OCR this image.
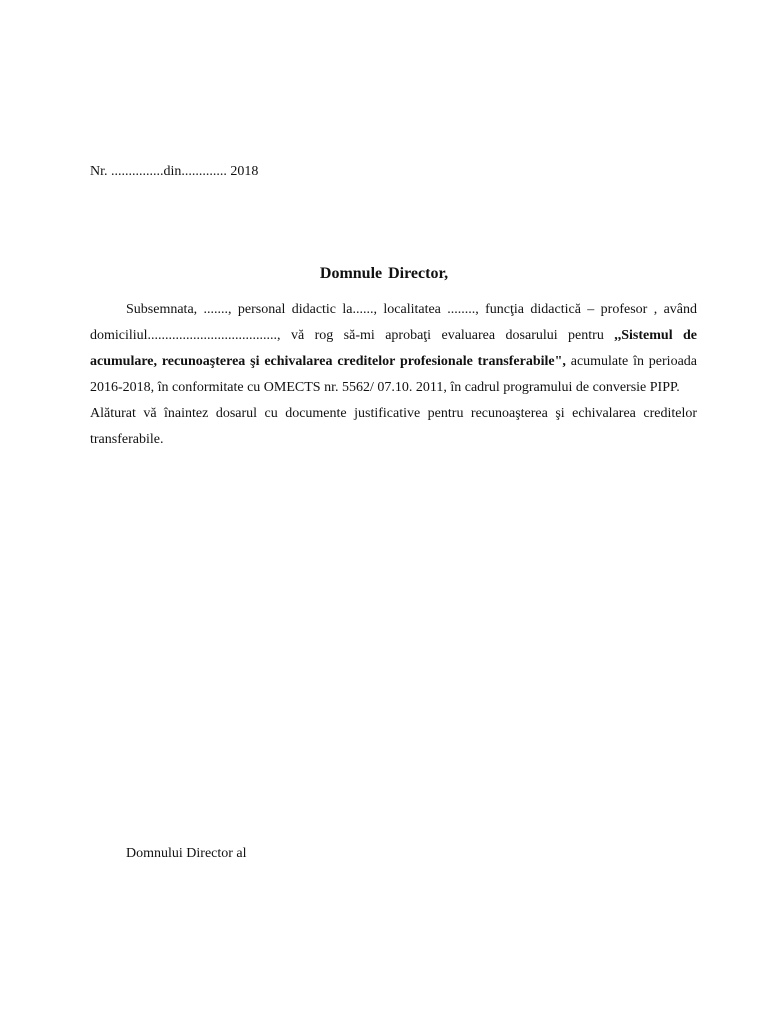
Nr. ...............din............. 2018
Domnule Director,

Subsemnata, ......., personal didactic la......, localitatea ........, funcţia didactică – profesor , având domiciliul....................................., vă rog să-mi aprobaţi evaluarea dosarului pentru ,,Sistemul de acumulare, recunoaşterea şi echivalarea creditelor profesionale transferabile", acumulate în perioada 2016-2018, în conformitate cu OMECTS nr. 5562/ 07.10. 2011, în cadrul programului de conversie PIPP.

Alăturat vă înaintez dosarul cu documente justificative pentru recunoaşterea şi echivalarea creditelor transferabile.

Domnului Director al
